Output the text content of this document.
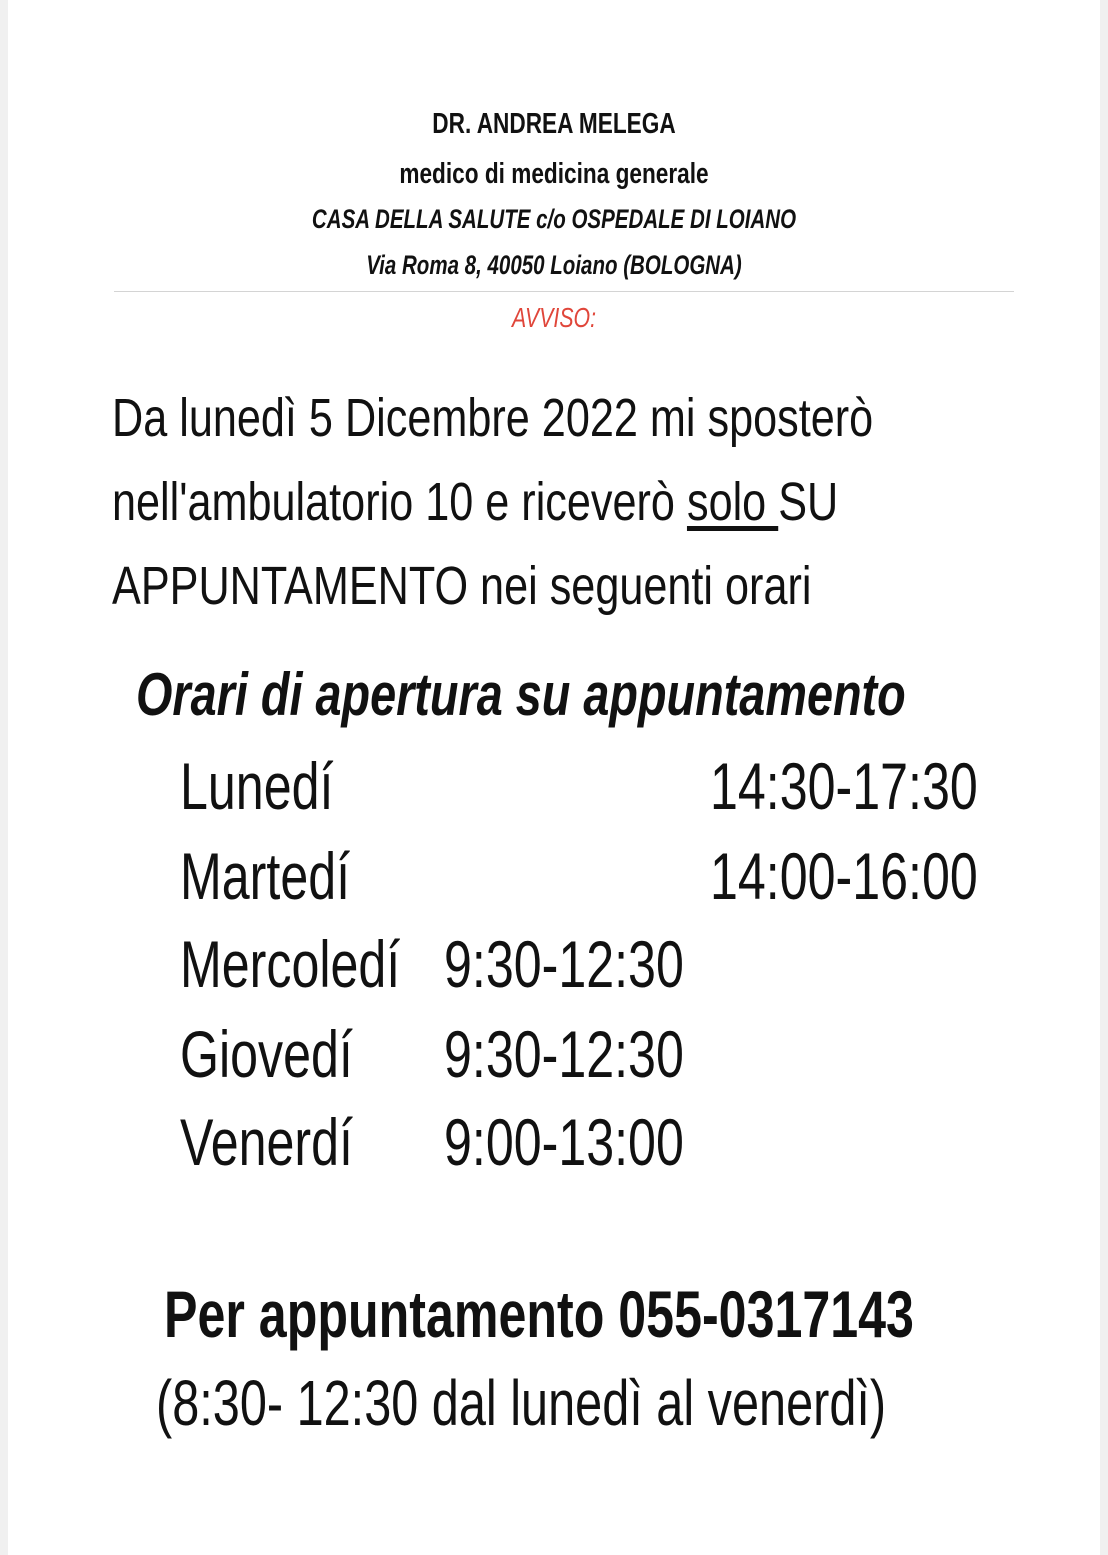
DR. ANDREA MELEGA
medico di medicina generale
CASA DELLA SALUTE c/o OSPEDALE DI LOIANO
Via Roma 8, 40050 Loiano (BOLOGNA)
AVVISO:
Da lunedì 5 Dicembre 2022 mi sposterò
nell'ambulatorio 10 e riceverò solo SU
APPUNTAMENTO nei seguenti orari
Orari di apertura su appuntamento
Lunedí	14:30-17:30
Martedí	14:00-16:00
Mercoledí 9:30-12:30
Giovedí 9:30-12:30
Venerdí 9:00-13:00
Per appuntamento 055-0317143
(8:30- 12:30 dal lunedì al venerdì)
